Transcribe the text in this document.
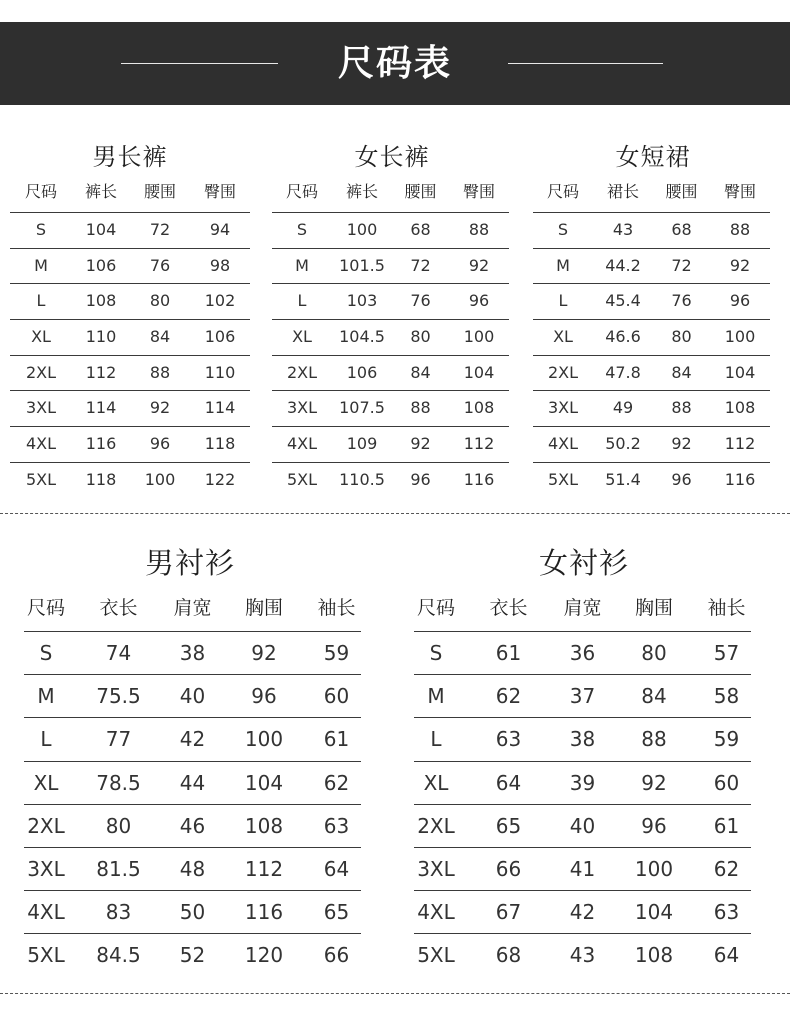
尺码表
男长裤	女长裤	女短裙
男衬衫	女衬衫
尺码	裤长	腰围	臀围
S	104	72	94
M	106	76	98
L	108	80	102
XL	110	84	106
2XL	112	88	110
3XL	114	92	114
4XL	116	96	118
5XL	118	100	122
尺码	裤长	腰围	臀围
S	100	68	88
M	101.5	72	92
L	103	76	96
XL	104.5	80	100
2XL	106	84	104
3XL	107.5	88	108
4XL	109	92	112
5XL	110.5	96	116
尺码	裙长	腰围	臀围
S	43	68	88
M	44.2	72	92
L	45.4	76	96
XL	46.6	80	100
2XL	47.8	84	104
3XL	49	88	108
4XL	50.2	92	112
5XL	51.4	96	116
尺码	衣长	肩宽	胸围	袖长
S	74	38	92	59
M	75.5	40	96	60
L	77	42	100	61
XL	78.5	44	104	62
2XL	80	46	108	63
3XL	81.5	48	112	64
4XL	83	50	116	65
5XL	84.5	52	120	66
尺码	衣长	肩宽	胸围	袖长
S	61	36	80	57
M	62	37	84	58
L	63	38	88	59
XL	64	39	92	60
2XL	65	40	96	61
3XL	66	41	100	62
4XL	67	42	104	63
5XL	68	43	108	64
